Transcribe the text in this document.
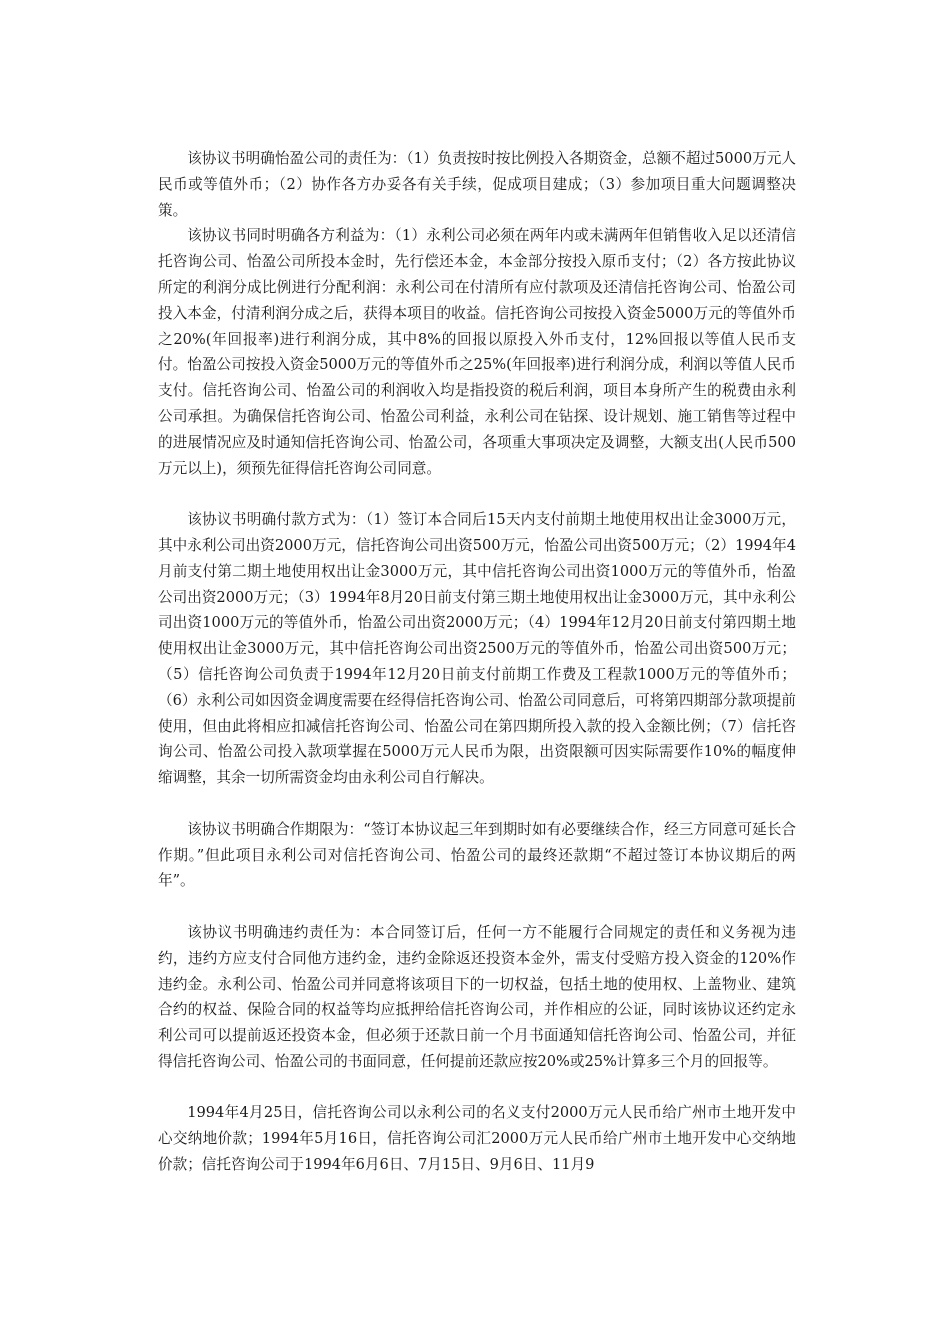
该协议书明确怡盈公司的责任为：（1）负责按时按比例投入各期资金，总额不超过5000万元人民币或等值外币；（2）协作各方办妥各有关手续，促成项目建成；（3）参加项目重大问题调整决策。

该协议书同时明确各方利益为：（1）永利公司必须在两年内或未满两年但销售收入足以还清信托咨询公司、怡盈公司所投本金时，先行偿还本金，本金部分按投入原币支付；（2）各方按此协议所定的利润分成比例进行分配利润：永利公司在付清所有应付款项及还清信托咨询公司、怡盈公司投入本金，付清利润分成之后，获得本项目的收益。信托咨询公司按投入资金5000万元的等值外币之20%(年回报率)进行利润分成，其中8%的回报以原投入外币支付，12%回报以等值人民币支付。怡盈公司按投入资金5000万元的等值外币之25%(年回报率)进行利润分成，利润以等值人民币支付。信托咨询公司、怡盈公司的利润收入均是指投资的税后利润，项目本身所产生的税费由永利公司承担。为确保信托咨询公司、怡盈公司利益，永利公司在钻探、设计规划、施工销售等过程中的进展情况应及时通知信托咨询公司、怡盈公司，各项重大事项决定及调整，大额支出(人民币500万元以上)，须预先征得信托咨询公司同意。

该协议书明确付款方式为：（1）签订本合同后15天内支付前期土地使用权出让金3000万元，其中永利公司出资2000万元，信托咨询公司出资500万元，怡盈公司出资500万元；（2）1994年4月前支付第二期土地使用权出让金3000万元，其中信托咨询公司出资1000万元的等值外币，怡盈公司出资2000万元；（3）1994年8月20日前支付第三期土地使用权出让金3000万元，其中永利公司出资1000万元的等值外币，怡盈公司出资2000万元；（4）1994年12月20日前支付第四期土地使用权出让金3000万元，其中信托咨询公司出资2500万元的等值外币，怡盈公司出资500万元；（5）信托咨询公司负责于1994年12月20日前支付前期工作费及工程款1000万元的等值外币；（6）永利公司如因资金调度需要在经得信托咨询公司、怡盈公司同意后，可将第四期部分款项提前使用，但由此将相应扣减信托咨询公司、怡盈公司在第四期所投入款的投入金额比例；（7）信托咨询公司、怡盈公司投入款项掌握在5000万元人民币为限，出资限额可因实际需要作10%的幅度伸缩调整，其余一切所需资金均由永利公司自行解决。

该协议书明确合作期限为：“签订本协议起三年到期时如有必要继续合作，经三方同意可延长合作期。”但此项目永利公司对信托咨询公司、怡盈公司的最终还款期“不超过签订本协议期后的两年”。

该协议书明确违约责任为：本合同签订后，任何一方不能履行合同规定的责任和义务视为违约，违约方应支付合同他方违约金，违约金除返还投资本金外，需支付受赔方投入资金的120%作违约金。永利公司、怡盈公司并同意将该项目下的一切权益，包括土地的使用权、上盖物业、建筑合约的权益、保险合同的权益等均应抵押给信托咨询公司，并作相应的公证，同时该协议还约定永利公司可以提前返还投资本金，但必须于还款日前一个月书面通知信托咨询公司、怡盈公司，并征得信托咨询公司、怡盈公司的书面同意，任何提前还款应按20%或25%计算多三个月的回报等。

1994年4月25日，信托咨询公司以永利公司的名义支付2000万元人民币给广州市土地开发中心交纳地价款；1994年5月16日，信托咨询公司汇2000万元人民币给广州市土地开发中心交纳地价款；信托咨询公司于1994年6月6日、7月15日、9月6日、11月9
